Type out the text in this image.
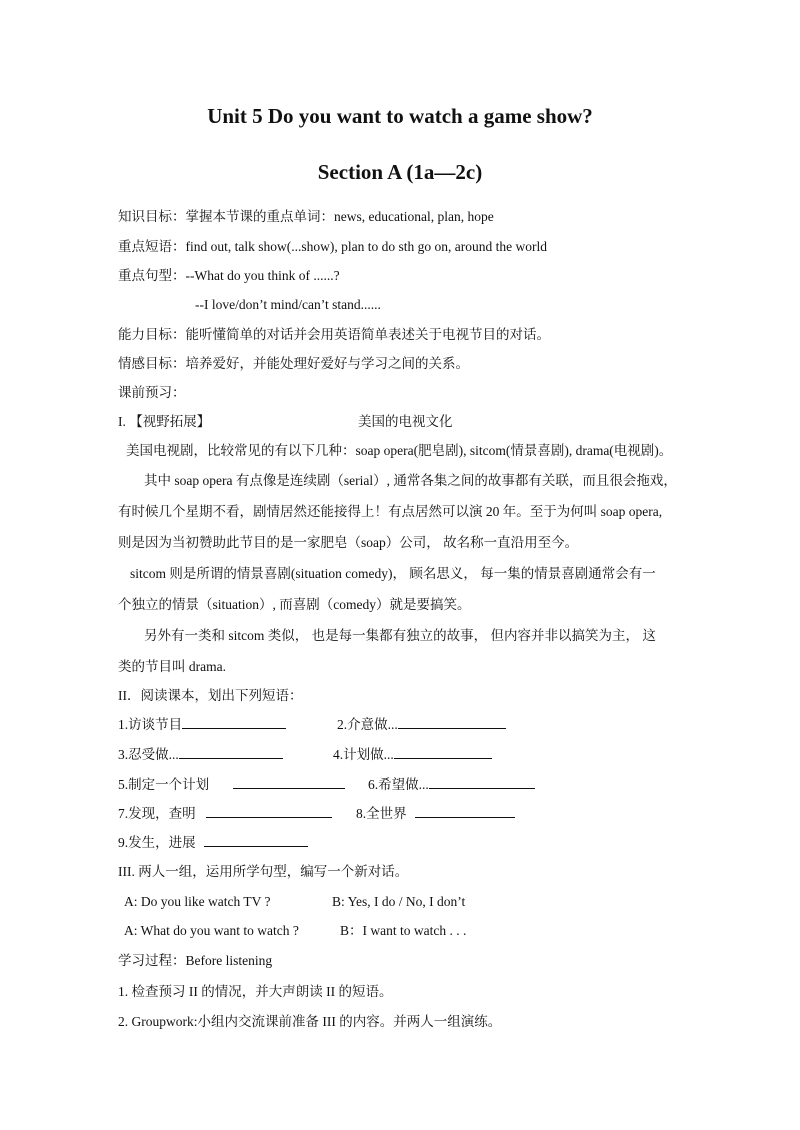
Unit 5 Do you want to watch a game show?
Section A (1a—2c)
知识目标：掌握本节课的重点单词：news, educational, plan, hope
重点短语：find out, talk show(...show), plan to do sth go on, around the world
重点句型：--What do you think of ......?
--I love/don’t mind/can’t stand......
能力目标：能听懂简单的对话并会用英语简单表述关于电视节目的对话。
情感目标：培养爱好，并能处理好爱好与学习之间的关系。
课前预习：
I. 【视野拓展】	美国的电视文化
美国电视剧，比较常见的有以下几种：soap opera(肥皂剧), sitcom(情景喜剧), drama(电视剧)。
其中 soap opera 有点像是连续剧（serial）, 通常各集之间的故事都有关联，而且很会拖戏，
有时候几个星期不看，剧情居然还能接得上！有点居然可以演 20 年。至于为何叫 soap opera,
则是因为当初赞助此节目的是一家肥皂（soap）公司， 故名称一直沿用至今。
sitcom 则是所谓的情景喜剧(situation comedy)， 顾名思义， 每一集的情景喜剧通常会有一
个独立的情景（situation）, 而喜剧（comedy）就是要搞笑。
另外有一类和 sitcom 类似， 也是每一集都有独立的故事， 但内容并非以搞笑为主， 这
类的节目叫 drama.
II．阅读课本，划出下列短语：
1.访谈节目	2.介意做...
3.忍受做...	4.计划做...
5.制定一个计划	6.希望做...
7.发现，查明	8.全世界
9.发生，进展
III. 两人一组，运用所学句型，编写一个新对话。
A: Do you like watch TV ?	B: Yes, I do / No, I don’t
A: What do you want to watch ?	B：I want to watch . . .
学习过程：Before listening
1. 检查预习 II 的情况，并大声朗读 II 的短语。
2. Groupwork:小组内交流课前准备 III 的内容。并两人一组演练。
